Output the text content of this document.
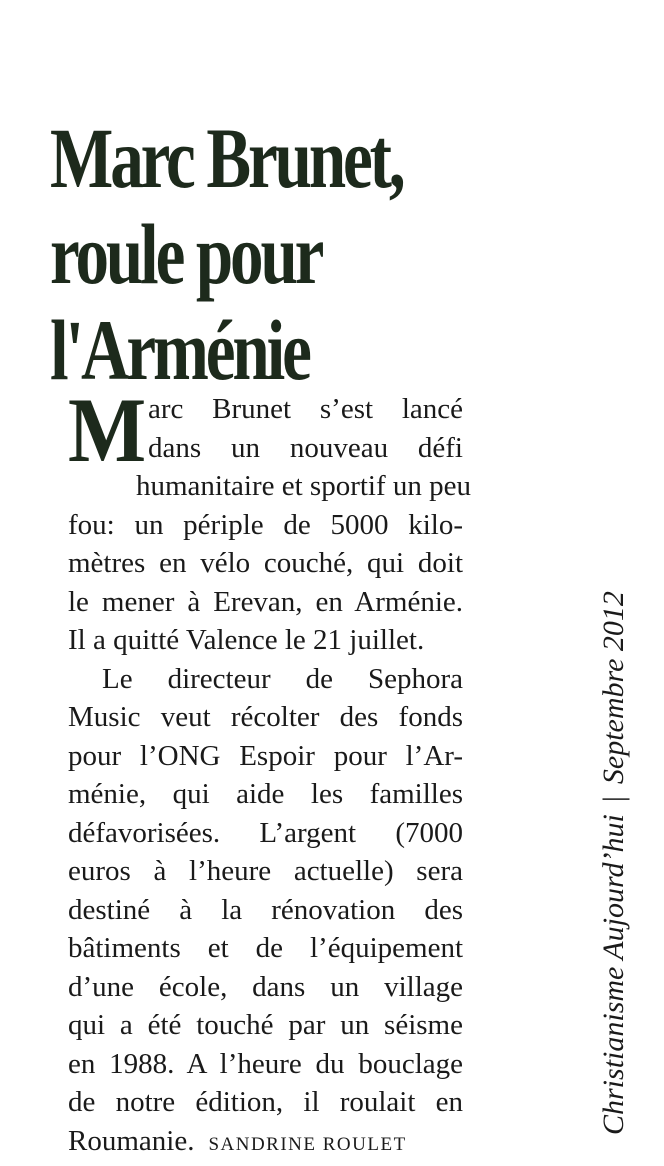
Marc Brunet,
roule pour
l'Arménie
M arc Brunet s’est lancé
dans un nouveau défi
humanitaire et sportif un peu
fou: un périple de 5000 kilo-
mètres en vélo couché, qui doit
le mener à Erevan, en Arménie.
Il a quitté Valence le 21 juillet.
Le directeur de Sephora
Music veut récolter des fonds
pour l’ONG Espoir pour l’Ar-
ménie, qui aide les familles
défavorisées. L’argent (7000
euros à l’heure actuelle) sera
destiné à la rénovation des
bâtiments et de l’équipement
d’une école, dans un village
qui a été touché par un séisme
en 1988. A l’heure du bouclage
de notre édition, il roulait en
Roumanie. SANDRINE ROULET
Christianisme Aujourd’hui|Septembre 2012
